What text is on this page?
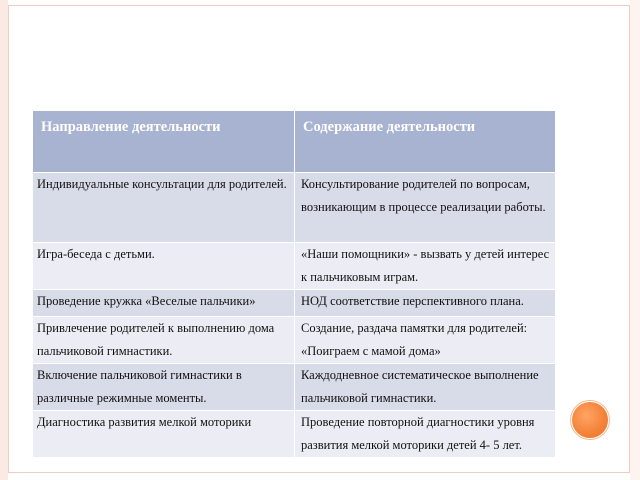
Направление деятельности	Содержание деятельности
Индивидуальные консультации для родителей.	Консультирование родителей по вопросам, возникающим в процессе реализации работы.
Игра-беседа с детьми.	«Наши помощники» - вызвать у детей интерес к пальчиковым играм.
Проведение кружка «Веселые пальчики»	НОД соответствие перспективного плана.
Привлечение родителей к выполнению дома пальчиковой гимнастики.	Создание, раздача памятки для родителей: «Поиграем с мамой дома»
Включение пальчиковой гимнастики в различные режимные моменты.	Каждодневное систематическое выполнение пальчиковой гимнастики.
Диагностика развития мелкой моторики	Проведение повторной диагностики уровня развития мелкой моторики детей 4- 5 лет.
